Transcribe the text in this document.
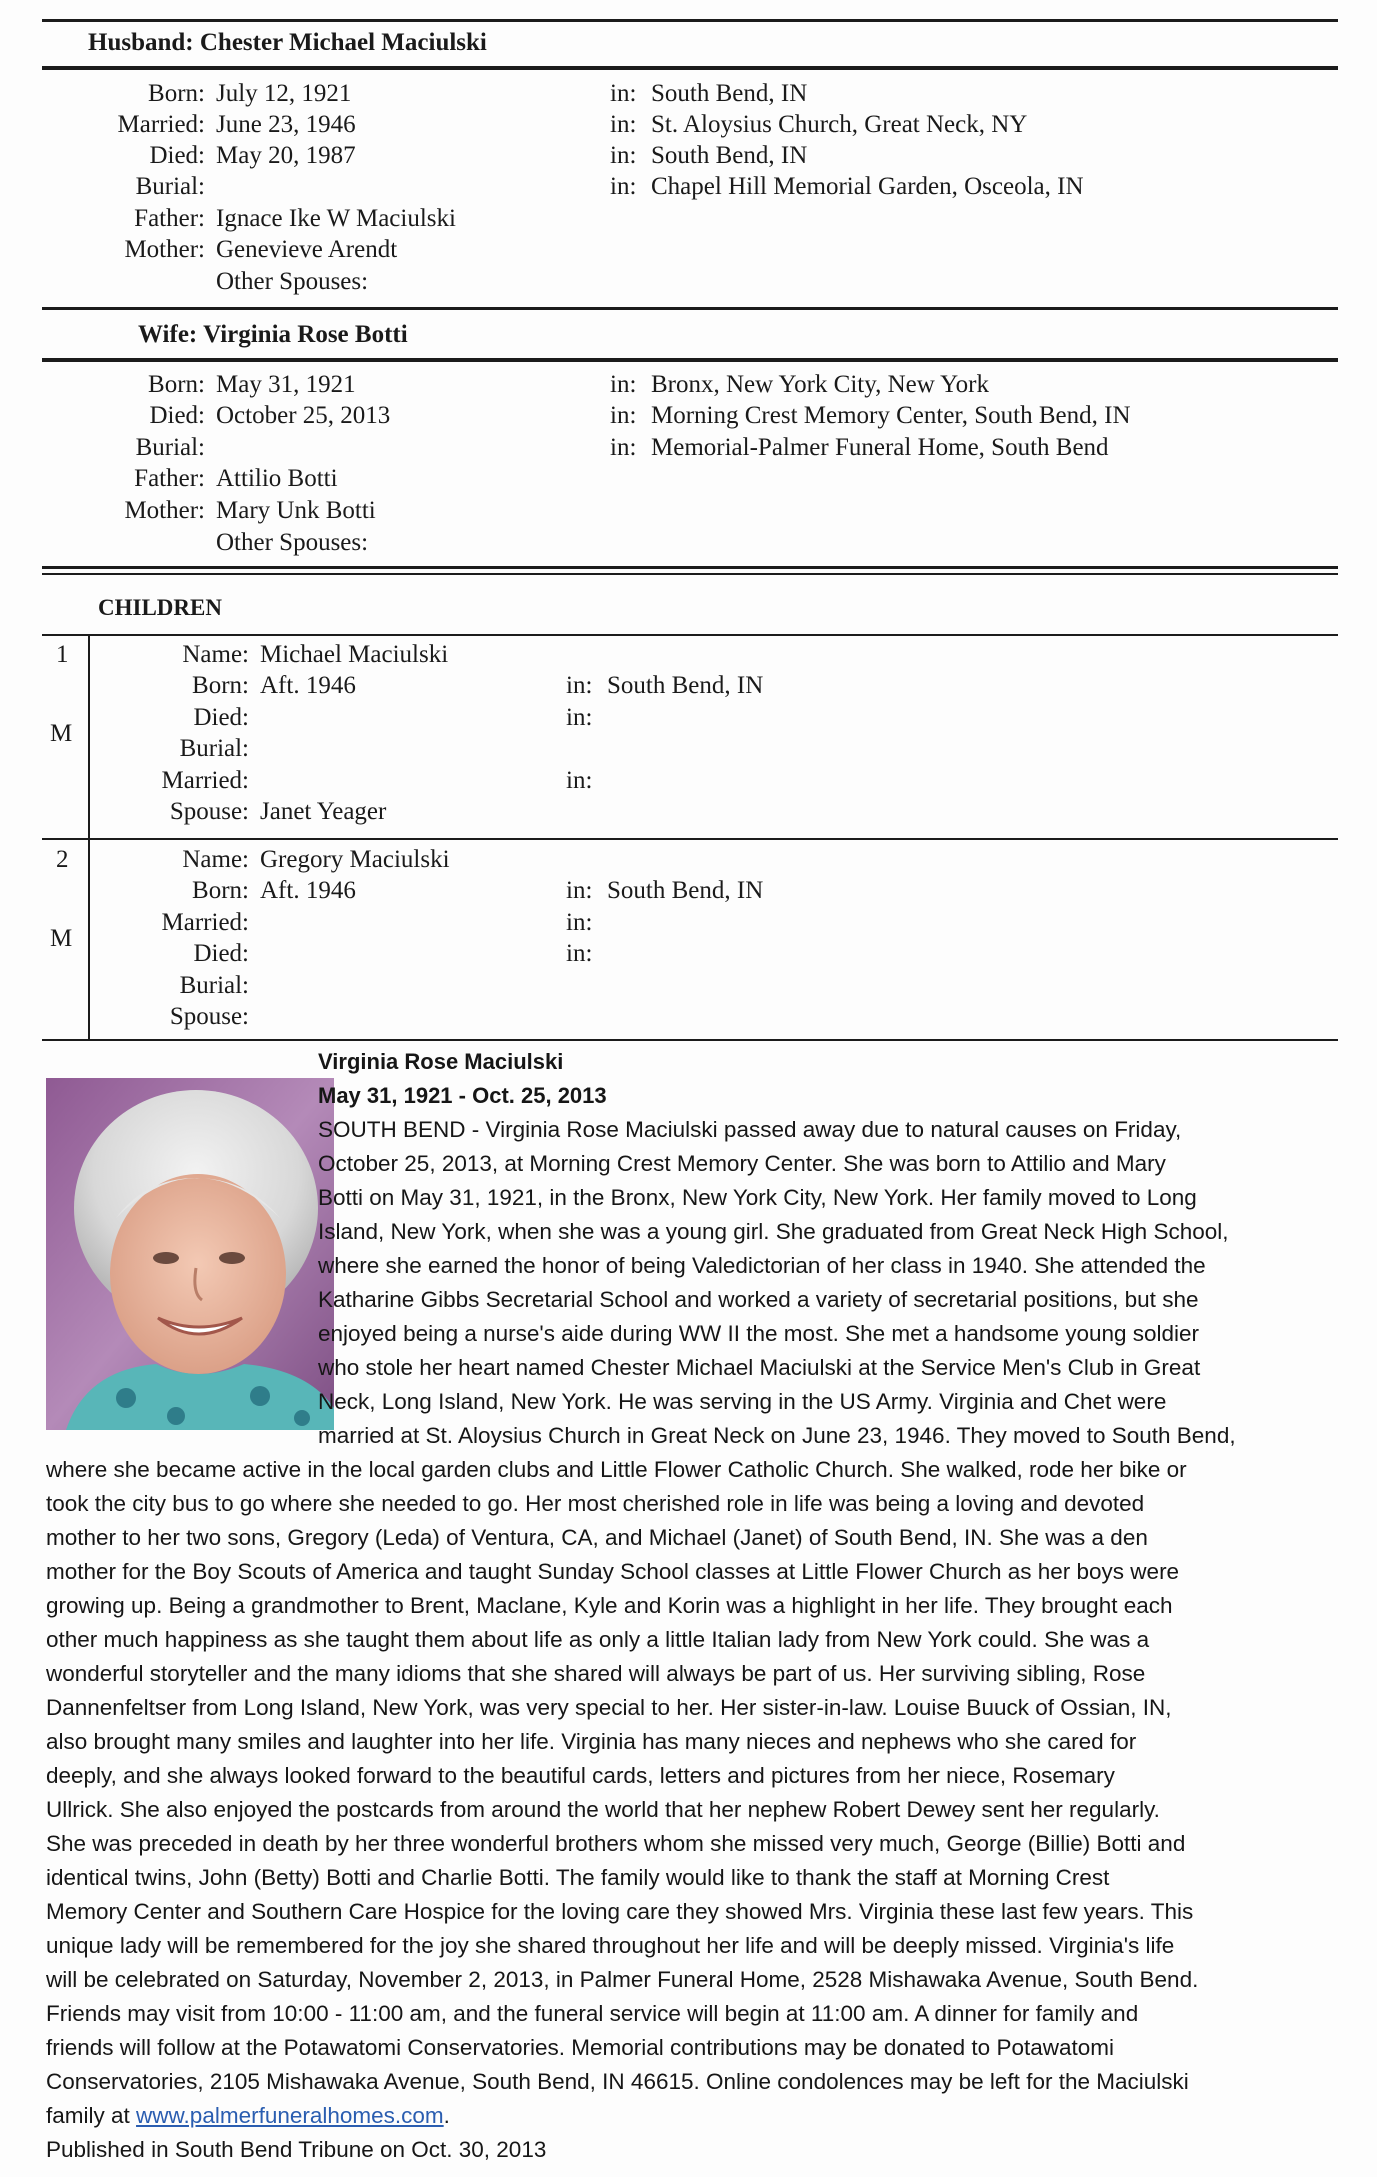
Husband: Chester Michael Maciulski
Born:
Married:
Died:
Burial:
Father:
Mother:
July 12, 1921
June 23, 1946
May 20, 1987
Ignace Ike W Maciulski
Genevieve Arendt
Other Spouses:
in: South Bend, IN
in: St. Aloysius Church, Great Neck, NY
in: South Bend, IN
in: Chapel Hill Memorial Garden, Osceola, IN
Wife: Virginia Rose Botti
Born:
Died:
Burial:
Father:
Mother:
May 31, 1921
October 25, 2013
Attilio Botti
Mary Unk Botti
Other Spouses:
in: Bronx, New York City, New York
in: Morning Crest Memory Center, South Bend, IN
in: Memorial-Palmer Funeral Home, South Bend
CHILDREN
1
M
Name:
Born:
Died:
Burial:
Married:
Spouse:
Michael Maciulski
Aft. 1946
Janet Yeager
in: South Bend, IN
in:
in:
2
M
Name:
Born:
Married:
Died:
Burial:
Spouse:
Gregory Maciulski
Aft. 1946	in: South Bend, IN
in:
in:
Virginia Rose Maciulski
May 31, 1921 - Oct. 25, 2013
SOUTH BEND - Virginia Rose Maciulski passed away due to natural causes on Friday,
October 25, 2013, at Morning Crest Memory Center. She was born to Attilio and Mary
Botti on May 31, 1921, in the Bronx, New York City, New York. Her family moved to Long
Island, New York, when she was a young girl. She graduated from Great Neck High School,
where she earned the honor of being Valedictorian of her class in 1940. She attended the
Katharine Gibbs Secretarial School and worked a variety of secretarial positions, but she
enjoyed being a nurse's aide during WW II the most. She met a handsome young soldier
who stole her heart named Chester Michael Maciulski at the Service Men's Club in Great
Neck, Long Island, New York. He was serving in the US Army. Virginia and Chet were
married at St. Aloysius Church in Great Neck on June 23, 1946. They moved to South Bend,
where she became active in the local garden clubs and Little Flower Catholic Church. She walked, rode her bike or
took the city bus to go where she needed to go. Her most cherished role in life was being a loving and devoted
mother to her two sons, Gregory (Leda) of Ventura, CA, and Michael (Janet) of South Bend, IN. She was a den
mother for the Boy Scouts of America and taught Sunday School classes at Little Flower Church as her boys were
growing up. Being a grandmother to Brent, Maclane, Kyle and Korin was a highlight in her life. They brought each
other much happiness as she taught them about life as only a little Italian lady from New York could. She was a
wonderful storyteller and the many idioms that she shared will always be part of us. Her surviving sibling, Rose
Dannenfeltser from Long Island, New York, was very special to her. Her sister-in-law. Louise Buuck of Ossian, IN,
also brought many smiles and laughter into her life. Virginia has many nieces and nephews who she cared for
deeply, and she always looked forward to the beautiful cards, letters and pictures from her niece, Rosemary
Ullrick. She also enjoyed the postcards from around the world that her nephew Robert Dewey sent her regularly.
She was preceded in death by her three wonderful brothers whom she missed very much, George (Billie) Botti and
identical twins, John (Betty) Botti and Charlie Botti. The family would like to thank the staff at Morning Crest
Memory Center and Southern Care Hospice for the loving care they showed Mrs. Virginia these last few years. This
unique lady will be remembered for the joy she shared throughout her life and will be deeply missed. Virginia's life
will be celebrated on Saturday, November 2, 2013, in Palmer Funeral Home, 2528 Mishawaka Avenue, South Bend.
Friends may visit from 10:00 - 11:00 am, and the funeral service will begin at 11:00 am. A dinner for family and
friends will follow at the Potawatomi Conservatories. Memorial contributions may be donated to Potawatomi
Conservatories, 2105 Mishawaka Avenue, South Bend, IN 46615. Online condolences may be left for the Maciulski
family at www.palmerfuneralhomes.com.
Published in South Bend Tribune on Oct. 30, 2013
